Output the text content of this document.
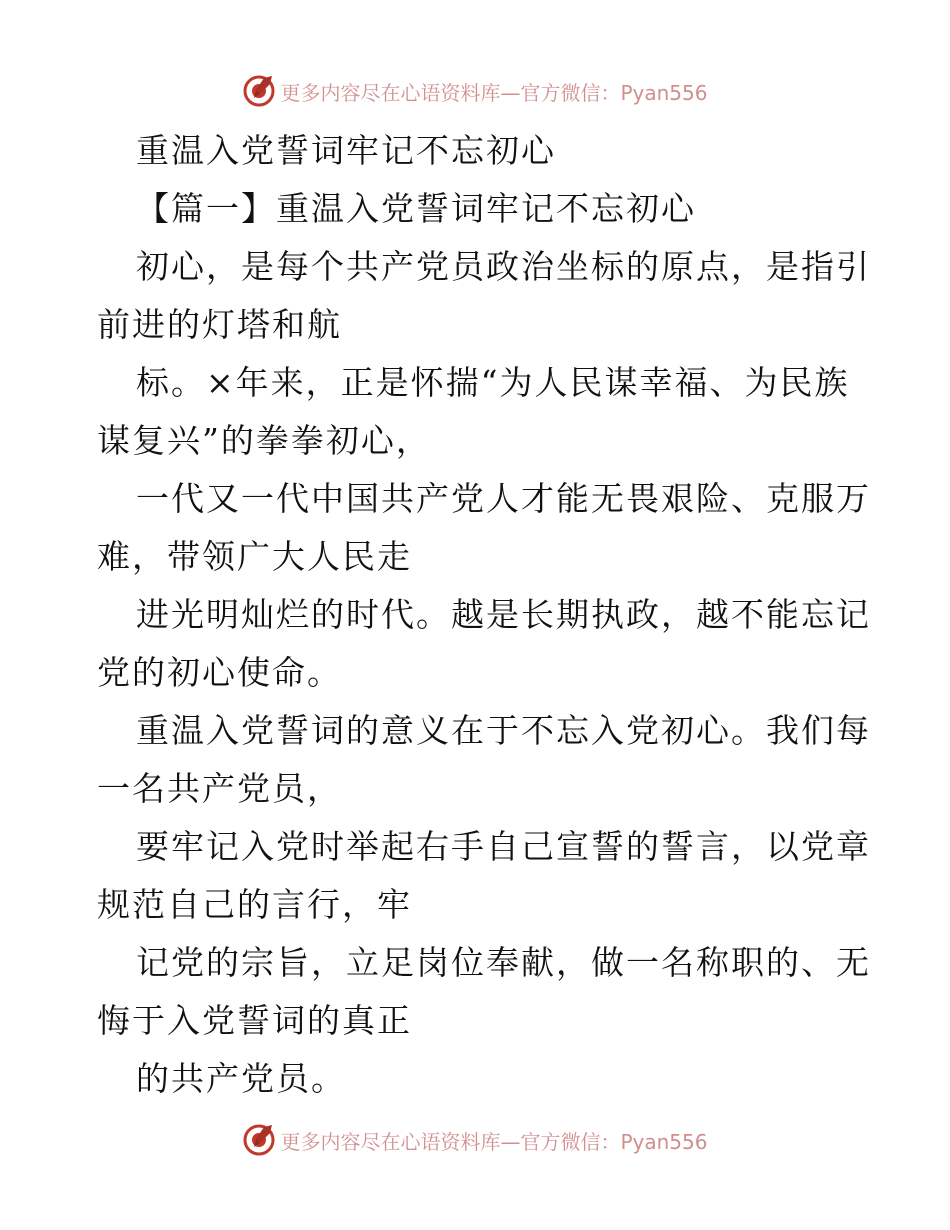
更多内容尽在心语资料库—官方微信：Pyan556
重温入党誓词牢记不忘初心
【篇一】重温入党誓词牢记不忘初心
初心，是每个共产党员政治坐标的原点，是指引
前进的灯塔和航
标。×年来，正是怀揣“为人民谋幸福、为民族
谋复兴”的拳拳初心，
一代又一代中国共产党人才能无畏艰险、克服万
难，带领广大人民走
进光明灿烂的时代。越是长期执政，越不能忘记
党的初心使命。
重温入党誓词的意义在于不忘入党初心。我们每
一名共产党员，
要牢记入党时举起右手自己宣誓的誓言，以党章
规范自己的言行，牢
记党的宗旨，立足岗位奉献，做一名称职的、无
悔于入党誓词的真正
的共产党员。
更多内容尽在心语资料库—官方微信：Pyan556
